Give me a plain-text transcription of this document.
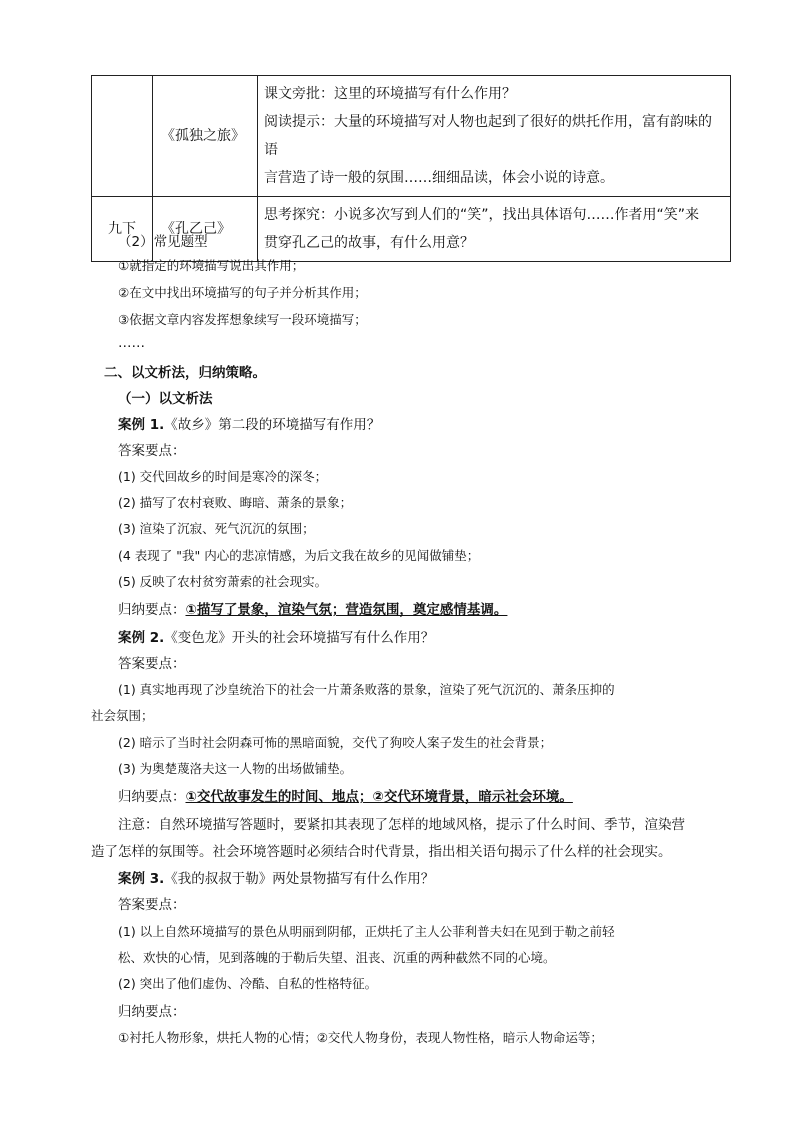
	《孤独之旅》	课文旁批：这里的环境描写有什么作用？
阅读提示：大量的环境描写对人物也起到了很好的烘托作用，富有韵味的语
言营造了诗一般的氛围……细细品读，体会小说的诗意。

九下	《孔乙己》	思考探究：小说多次写到人们的“笑”，找出具体语句……作者用“笑”来
贯穿孔乙己的故事，有什么用意？
（2）常见题型
①就指定的环境描写说出其作用；
②在文中找出环境描写的句子并分析其作用；
③依据文章内容发挥想象续写一段环境描写；
……
二、以文析法，归纳策略。
（一）以文析法
案例 1.《故乡》第二段的环境描写有作用？
答案要点：
(1) 交代回故乡的时间是寒冷的深冬；
(2) 描写了农村衰败、晦暗、萧条的景象；
(3) 渲染了沉寂、死气沉沉的氛围；
(4 表现了 "我" 内心的悲凉情感，为后文我在故乡的见闻做铺垫；
(5) 反映了农村贫穷萧索的社会现实。
归纳要点：①描写了景象，渲染气氛；营造氛围，奠定感情基调。
案例 2.《变色龙》开头的社会环境描写有什么作用？
答案要点：
(1) 真实地再现了沙皇统治下的社会一片萧条败落的景象，渲染了死气沉沉的、萧条压抑的
社会氛围；
(2) 暗示了当时社会阴森可怖的黑暗面貌，交代了狗咬人案子发生的社会背景；
(3) 为奥楚蔑洛夫这一人物的出场做铺垫。
归纳要点：①交代故事发生的时间、地点；②交代环境背景，暗示社会环境。
注意：自然环境描写答题时，要紧扣其表现了怎样的地域风格，提示了什么时间、季节，渲染营
造了怎样的氛围等。社会环境答题时必须结合时代背景，指出相关语句揭示了什么样的社会现实。
案例 3.《我的叔叔于勒》两处景物描写有什么作用？
答案要点：
(1) 以上自然环境描写的景色从明丽到阴郁，正烘托了主人公菲利普夫妇在见到于勒之前轻
松、欢快的心情，见到落魄的于勒后失望、沮丧、沉重的两种截然不同的心境。
(2) 突出了他们虚伪、冷酷、自私的性格特征。
归纳要点：
①衬托人物形象，烘托人物的心情；②交代人物身份，表现人物性格，暗示人物命运等；
